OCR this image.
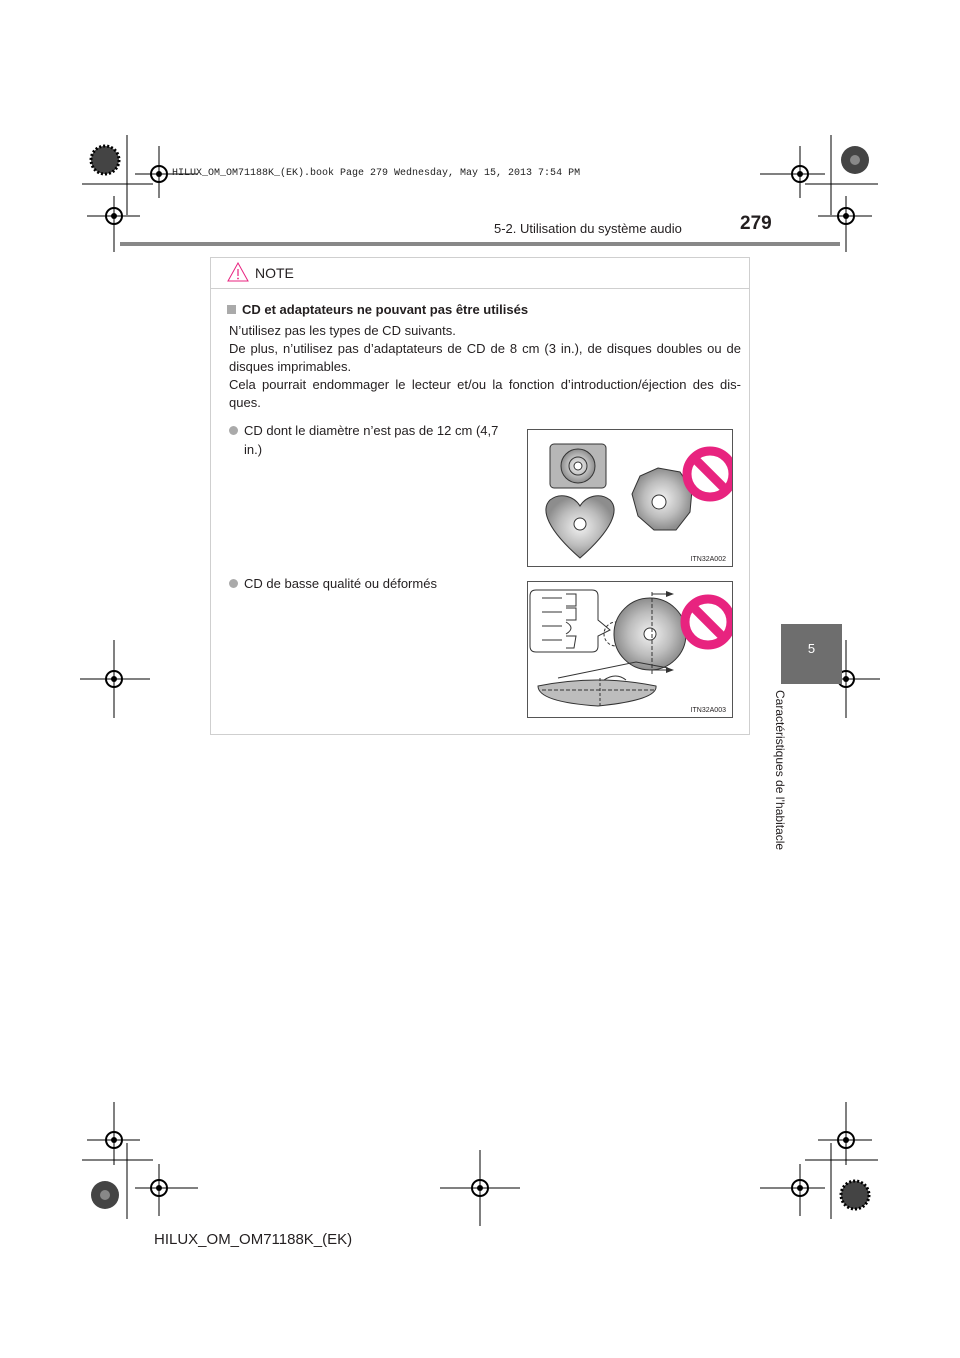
HILUX_OM_OM71188K_(EK).book Page 279 Wednesday, May 15, 2013 7:54 PM
279
5-2. Utilisation du système audio
5
Caractéristiques de l’habitacle
NOTE
CD et adaptateurs ne pouvant pas être utilisés

N’utilisez pas les types de CD suivants.

De plus, n’utilisez pas d’adaptateurs de CD de 8 cm (3 in.), de disques doubles ou de disques imprimables.

Cela pourrait endommager le lecteur et/ou la fonction d’introduction/éjection des dis-ques.

CD dont le diamètre n’est pas de 12 cm (4,7
in.)
ITN32A002
CD de basse qualité ou déformés
ITN32A003
HILUX_OM_OM71188K_(EK)
